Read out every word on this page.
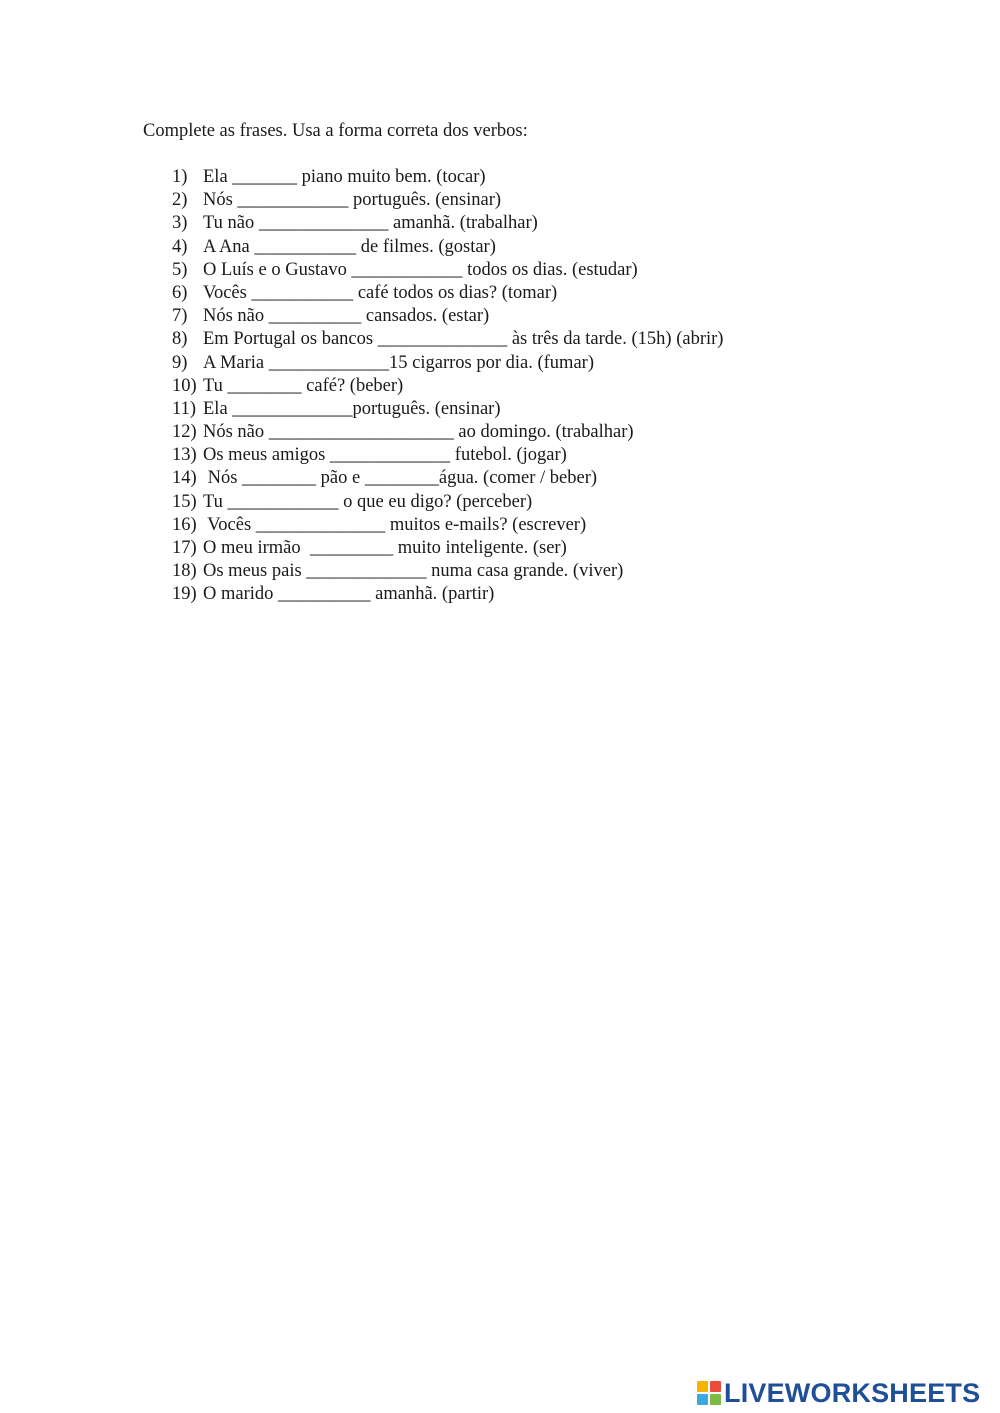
Complete as frases. Usa a forma correta dos verbos:
1) Ela _______ piano muito bem. (tocar)
2) Nós ____________ português. (ensinar)
3) Tu não ______________ amanhã. (trabalhar)
4) A Ana ___________ de filmes. (gostar)
5) O Luís e o Gustavo ____________ todos os dias. (estudar)
6) Vocês ___________ café todos os dias? (tomar)
7) Nós não __________ cansados. (estar)
8) Em Portugal os bancos ______________ às três da tarde. (15h) (abrir)
9) A Maria _____________15 cigarros por dia. (fumar)
10) Tu ________ café? (beber)
11) Ela _____________português. (ensinar)
12) Nós não ____________________ ao domingo. (trabalhar)
13) Os meus amigos _____________ futebol. (jogar)
14) Nós ________ pão e ________água. (comer / beber)
15) Tu ____________ o que eu digo? (perceber)
16) Vocês ______________ muitos e-mails? (escrever)
17) O meu irmão  _________ muito inteligente. (ser)
18) Os meus pais _____________ numa casa grande. (viver)
19) O marido __________ amanhã. (partir)
LIVEWORKSHEETS
